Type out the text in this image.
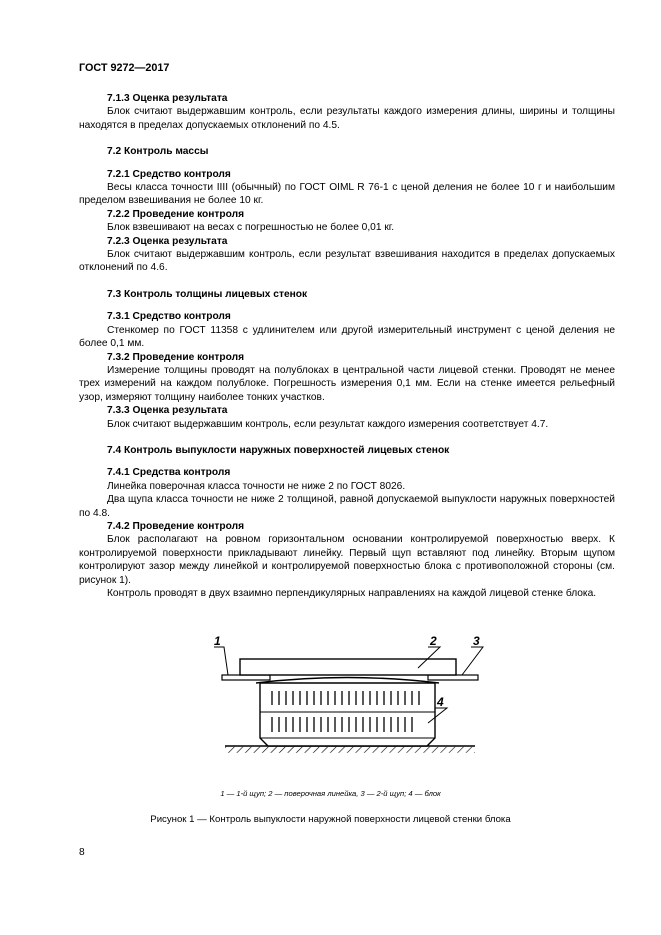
ГОСТ 9272—2017
7.1.3 Оценка результата

Блок считают выдержавшим контроль, если результаты каждого измерения длины, ширины и толщины находятся в пределах допускаемых отклонений по 4.5.

7.2 Контроль массы
7.2.1 Средство контроля

Весы класса точности IIII (обычный) по ГОСТ OIML R 76-1 с ценой деления не более 10 г и наибольшим пределом взвешивания не более 10 кг.

7.2.2 Проведение контроля

Блок взвешивают на весах с погрешностью не более 0,01 кг.

7.2.3 Оценка результата

Блок считают выдержавшим контроль, если результат взвешивания находится в пределах допускаемых отклонений по 4.6.

7.3 Контроль толщины лицевых стенок
7.3.1 Средство контроля

Стенкомер по ГОСТ 11358 с удлинителем или другой измерительный инструмент с ценой деления не более 0,1 мм.

7.3.2 Проведение контроля

Измерение толщины проводят на полублоках в центральной части лицевой стенки. Проводят не менее трех измерений на каждом полублоке. Погрешность измерения 0,1 мм. Если на стенке имеется рельефный узор, измеряют толщину наиболее тонких участков.

7.3.3 Оценка результата

Блок считают выдержавшим контроль, если результат каждого измерения соответствует 4.7.

7.4 Контроль выпуклости наружных поверхностей лицевых стенок
7.4.1 Средства контроля

Линейка поверочная класса точности не ниже 2 по ГОСТ 8026.

Два щупа класса точности не ниже 2 толщиной, равной допускаемой выпуклости наружных поверхностей по 4.8.

7.4.2 Проведение контроля

Блок располагают на ровном горизонтальном основании контролируемой поверхностью вверх. К контролируемой поверхности прикладывают линейку. Первый щуп вставляют под линейку. Вторым щупом контролируют зазор между линейкой и контролируемой поверхностью блока с противоположной стороны (см. рисунок 1).

Контроль проводят в двух взаимно перпендикулярных направлениях на каждой лицевой стенке блока.

1	2	3
4
1 — 1-й щуп; 2 — поверочная линейка, 3 — 2-й щуп; 4 — блок
Рисунок 1 — Контроль выпуклости наружной поверхности лицевой стенки блока
8
